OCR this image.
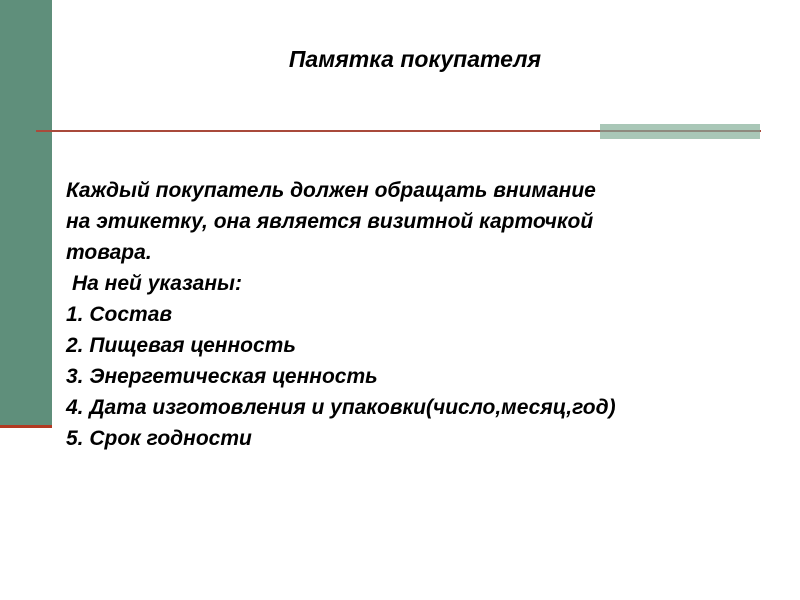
Памятка покупателя
Каждый покупатель должен обращать внимание
на этикетку, она является визитной карточкой
товара.
На ней указаны:
1. Состав
2. Пищевая ценность
3. Энергетическая ценность
4. Дата изготовления и упаковки(число,месяц,год)
5. Срок годности
